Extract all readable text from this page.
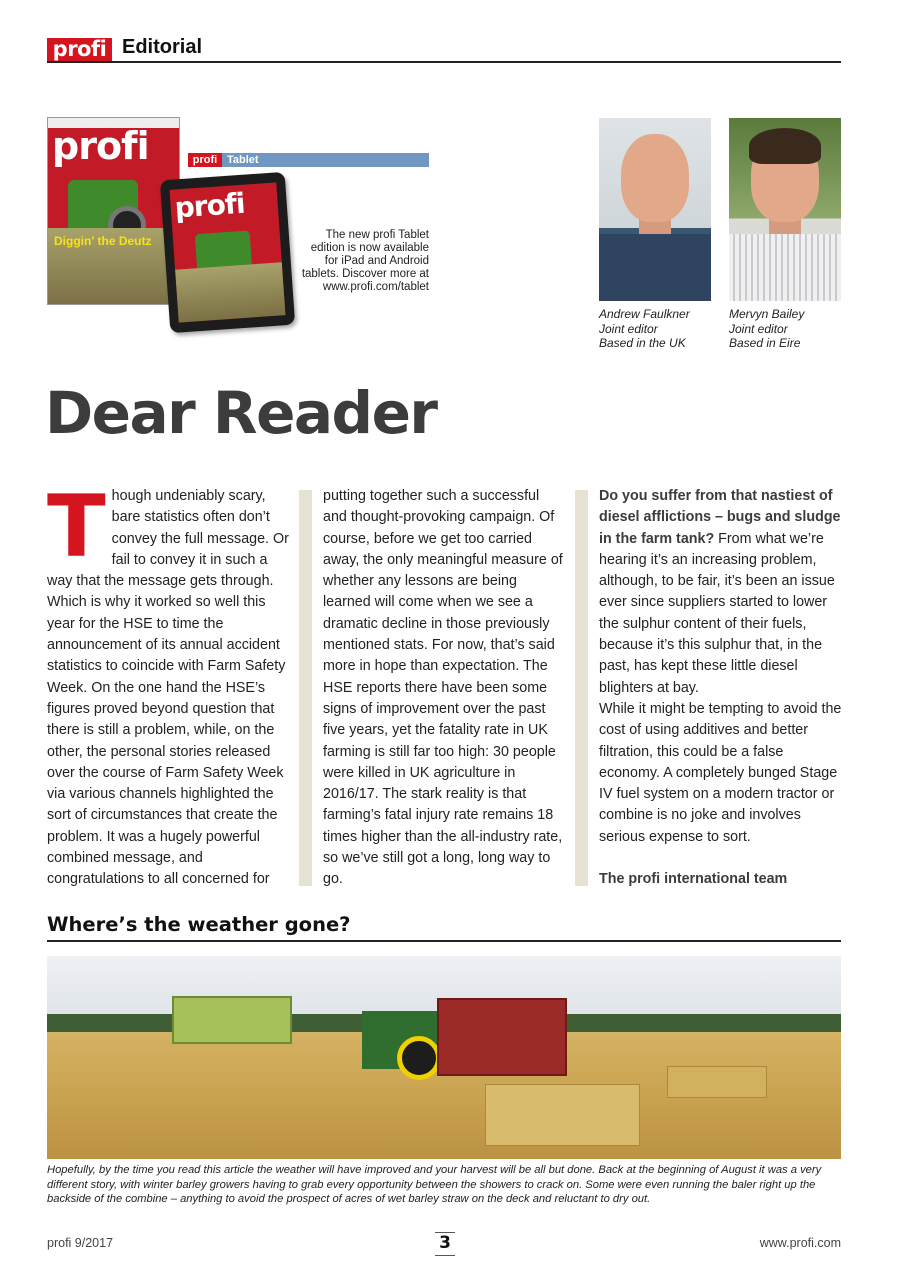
profi Editorial
profi
Diggin' the Deutz
profi Tablet
profi
The new profi Tablet edition is now available for iPad and Android tablets. Discover more at www.profi.com/tablet
Andrew Faulkner
Joint editor
Based in the UK
Mervyn Bailey
Joint editor
Based in Eire
Dear Reader
T hough undeniably scary, bare statistics often don’t convey the full message. Or fail to convey it in such a way that the message gets through. Which is why it worked so well this year for the HSE to time the announcement of its annual accident statistics to coincide with Farm Safety Week. On the one hand the HSE’s figures proved beyond question that there is still a problem, while, on the other, the personal stories released over the course of Farm Safety Week via various channels highlighted the sort of circumstances that create the problem. It was a hugely powerful combined message, and congratulations to all concerned for

putting together such a successful and thought-provoking campaign. Of course, before we get too carried away, the only meaningful measure of whether any lessons are being learned will come when we see a dramatic decline in those previously mentioned stats. For now, that’s said more in hope than expectation. The HSE reports there have been some signs of improvement over the past five years, yet the fatality rate in UK farming is still far too high: 30 people were killed in UK agriculture in 2016/17. The stark reality is that farming’s fatal injury rate remains 18 times higher than the all-industry rate, so we’ve still got a long, long way to go.

Do you suffer from that nastiest of diesel afflictions – bugs and sludge in the farm tank? From what we’re hearing it’s an increasing problem, although, to be fair, it’s been an issue ever since suppliers started to lower the sulphur content of their fuels, because it’s this sulphur that, in the past, has kept these little diesel blighters at bay.

While it might be tempting to avoid the cost of using additives and better filtration, this could be a false economy. A completely bunged Stage IV fuel system on a modern tractor or combine is no joke and involves serious expense to sort.

The profi international team

Where’s the weather gone?
Hopefully, by the time you read this article the weather will have improved and your harvest will be all but done. Back at the beginning of August it was a very different story, with winter barley growers having to grab every opportunity between the showers to crack on. Some were even running the baler right up the backside of the combine – anything to avoid the prospect of acres of wet barley straw on the deck and reluctant to dry out.
profi 9/2017	3	www.profi.com
